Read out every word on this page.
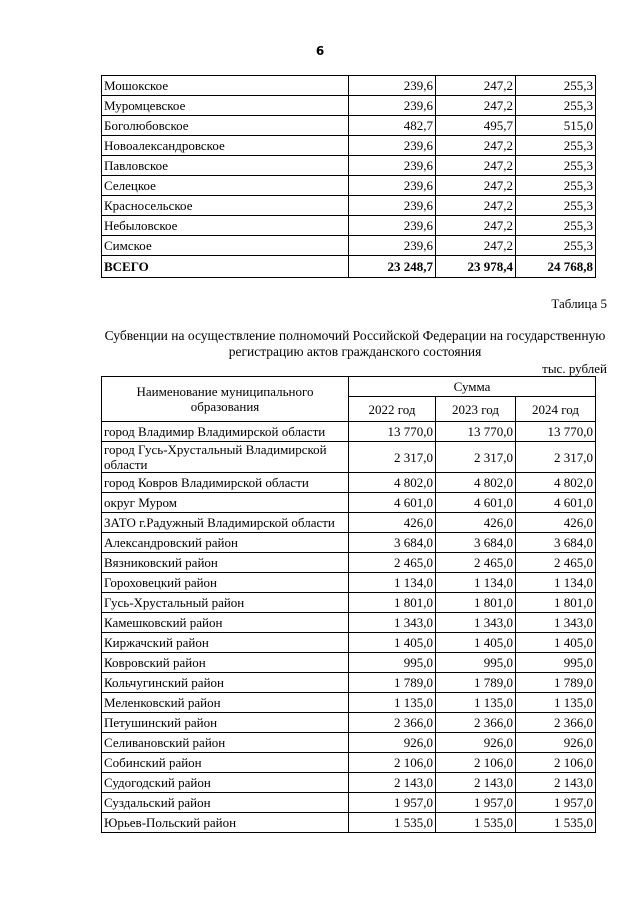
6
Мошокское	239,6	247,2	255,3
Муромцевское	239,6	247,2	255,3
Боголюбовское	482,7	495,7	515,0
Новоалександровское	239,6	247,2	255,3
Павловское	239,6	247,2	255,3
Селецкое	239,6	247,2	255,3
Красносельское	239,6	247,2	255,3
Небыловское	239,6	247,2	255,3
Симское	239,6	247,2	255,3
ВСЕГО	23 248,7	23 978,4	24 768,8
Таблица 5
Субвенции на осуществление полномочий Российской Федерации на государственную
регистрацию актов гражданского состояния
тыс. рублей
Наименование муниципального образования	Сумма		
	2022 год	2023 год	2024 год
город Владимир Владимирской области	13 770,0	13 770,0	13 770,0
город Гусь-Хрустальный Владимирской области	2 317,0	2 317,0	2 317,0
город Ковров Владимирской области	4 802,0	4 802,0	4 802,0
округ Муром	4 601,0	4 601,0	4 601,0
ЗАТО г.Радужный Владимирской области	426,0	426,0	426,0
Александровский район	3 684,0	3 684,0	3 684,0
Вязниковский район	2 465,0	2 465,0	2 465,0
Гороховецкий район	1 134,0	1 134,0	1 134,0
Гусь-Хрустальный район	1 801,0	1 801,0	1 801,0
Камешковский район	1 343,0	1 343,0	1 343,0
Киржачский район	1 405,0	1 405,0	1 405,0
Ковровский район	995,0	995,0	995,0
Кольчугинский район	1 789,0	1 789,0	1 789,0
Меленковский район	1 135,0	1 135,0	1 135,0
Петушинский район	2 366,0	2 366,0	2 366,0
Селивановский район	926,0	926,0	926,0
Собинский район	2 106,0	2 106,0	2 106,0
Судогодский район	2 143,0	2 143,0	2 143,0
Суздальский район	1 957,0	1 957,0	1 957,0
Юрьев-Польский район	1 535,0	1 535,0	1 535,0
